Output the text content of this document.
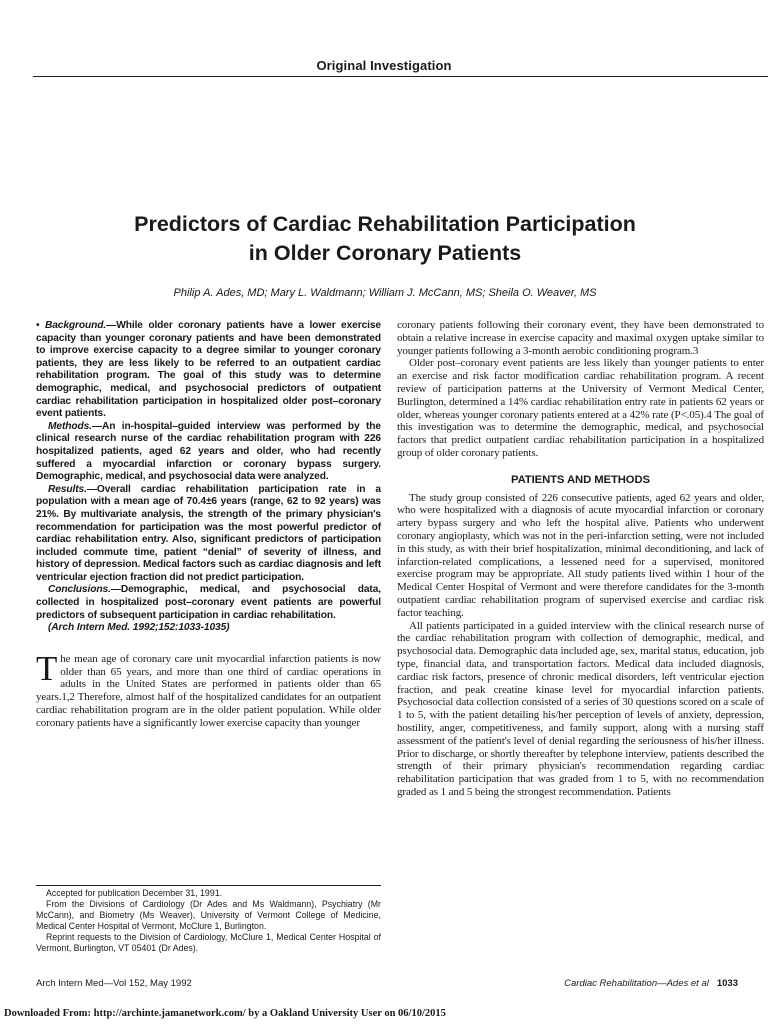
Original Investigation
Predictors of Cardiac Rehabilitation Participation
in Older Coronary Patients
Philip A. Ades, MD; Mary L. Waldmann; William J. McCann, MS; Sheila O. Weaver, MS

• Background.—While older coronary patients have a lower exercise capacity than younger coronary patients and have been demonstrated to improve exercise capacity to a degree similar to younger coronary patients, they are less likely to be referred to an outpatient cardiac rehabilitation program. The goal of this study was to determine demographic, medical, and psychosocial predictors of outpatient cardiac rehabilitation participation in hospitalized older post–coronary event patients.

Methods.—An in-hospital–guided interview was performed by the clinical research nurse of the cardiac rehabilitation program with 226 hospitalized patients, aged 62 years and older, who had recently suffered a myocardial infarction or coronary bypass surgery. Demographic, medical, and psychosocial data were analyzed.

Results.—Overall cardiac rehabilitation participation rate in a population with a mean age of 70.4±6 years (range, 62 to 92 years) was 21%. By multivariate analysis, the strength of the primary physician's recommendation for participation was the most powerful predictor of cardiac rehabilitation entry. Also, significant predictors of participation included commute time, patient “denial” of severity of illness, and history of depression. Medical factors such as cardiac diagnosis and left ventricular ejection fraction did not predict participation.

Conclusions.—Demographic, medical, and psychosocial data, collected in hospitalized post–coronary event patients are powerful predictors of subsequent participation in cardiac rehabilitation.

(Arch Intern Med. 1992;152:1033-1035)

The mean age of coronary care unit myocardial infarction patients is now older than 65 years, and more than one third of cardiac operations in adults in the United States are performed in patients older than 65 years.1,2 Therefore, almost half of the hospitalized candidates for an outpatient cardiac rehabilitation program are in the older patient population. While older coronary patients have a significantly lower exercise capacity than younger

Accepted for publication December 31, 1991.

From the Divisions of Cardiology (Dr Ades and Ms Waldmann), Psychiatry (Mr McCann), and Biometry (Ms Weaver), University of Vermont College of Medicine, Medical Center Hospital of Vermont, McClure 1, Burlington.

Reprint requests to the Division of Cardiology, McClure 1, Medical Center Hospital of Vermont, Burlington, VT 05401 (Dr Ades).

coronary patients following their coronary event, they have been demonstrated to obtain a relative increase in exercise capacity and maximal oxygen uptake similar to younger patients following a 3-month aerobic conditioning program.3

Older post–coronary event patients are less likely than younger patients to enter an exercise and risk factor modification cardiac rehabilitation program. A recent review of participation patterns at the University of Vermont Medical Center, Burlington, determined a 14% cardiac rehabilitation entry rate in patients 62 years or older, whereas younger coronary patients entered at a 42% rate (P<.05).4 The goal of this investigation was to determine the demographic, medical, and psychosocial factors that predict outpatient cardiac rehabilitation participation in a hospitalized group of older coronary patients.

PATIENTS AND METHODS

The study group consisted of 226 consecutive patients, aged 62 years and older, who were hospitalized with a diagnosis of acute myocardial infarction or coronary artery bypass surgery and who left the hospital alive. Patients who underwent coronary angioplasty, which was not in the peri-infarction setting, were not included in this study, as with their brief hospitalization, minimal deconditioning, and lack of infarction-related complications, a lessened need for a supervised, monitored exercise program may be appropriate. All study patients lived within 1 hour of the Medical Center Hospital of Vermont and were therefore candidates for the 3-month outpatient cardiac rehabilitation program of supervised exercise and cardiac risk factor teaching.

All patients participated in a guided interview with the clinical research nurse of the cardiac rehabilitation program with collection of demographic, medical, and psychosocial data. Demographic data included age, sex, marital status, education, job type, financial data, and transportation factors. Medical data included diagnosis, cardiac risk factors, presence of chronic medical disorders, left ventricular ejection fraction, and peak creatine kinase level for myocardial infarction patients. Psychosocial data collection consisted of a series of 30 questions scored on a scale of 1 to 5, with the patient detailing his/her perception of levels of anxiety, depression, hostility, anger, competitiveness, and family support, along with a nursing staff assessment of the patient's level of denial regarding the seriousness of his/her illness. Prior to discharge, or shortly thereafter by telephone interview, patients described the strength of their primary physician's recommendation regarding cardiac rehabilitation participation that was graded from 1 to 5, with no recommendation graded as 1 and 5 being the strongest recommendation. Patients

Arch Intern Med—Vol 152, May 1992	Cardiac Rehabilitation—Ades et al 1033
Downloaded From: http://archinte.jamanetwork.com/ by a Oakland University User on 06/10/2015
